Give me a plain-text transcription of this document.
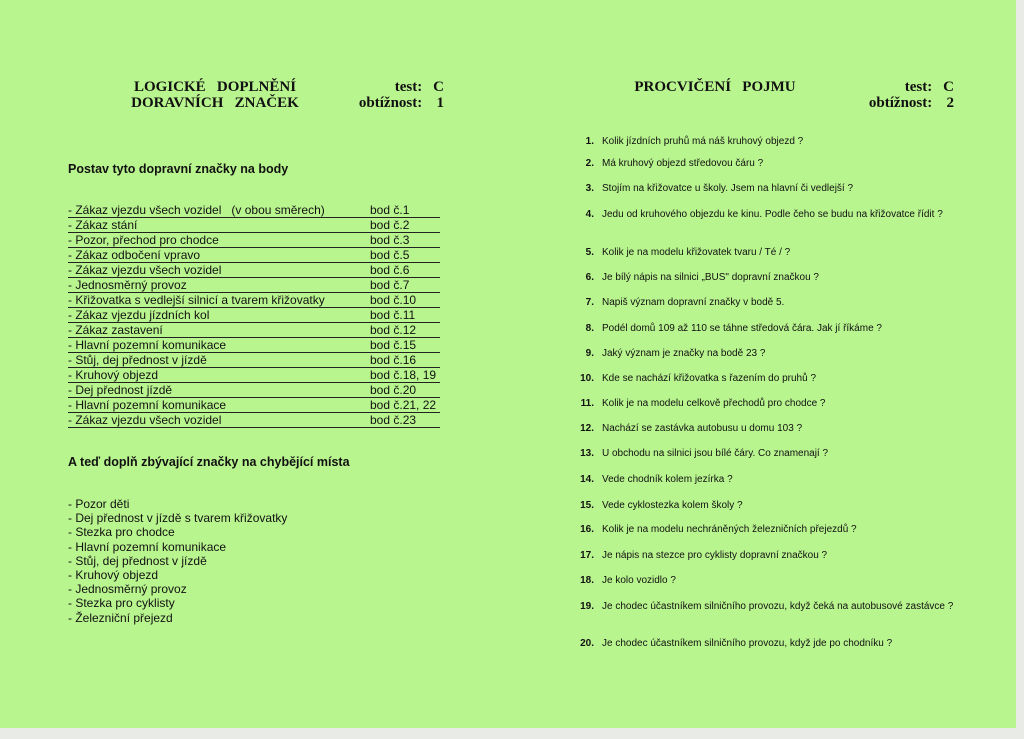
LOGICKÉ   DOPLNĚNÍ
DORAVNÍCH   ZNAČEK
test:
C
obtížnost:
1
Postav tyto dopravní značky na body
- Zákaz vjezdu všech vozidel   (v obou směrech)	bod č.1
- Zákaz stání	bod č.2
- Pozor, přechod pro chodce	bod č.3
- Zákaz odbočení vpravo	bod č.5
- Zákaz vjezdu všech vozidel	bod č.6
- Jednosměrný provoz	bod č.7
- Křižovatka s vedlejší silnicí a tvarem křižovatky	bod č.10
- Zákaz vjezdu jízdních kol	bod č.11
- Zákaz zastavení	bod č.12
- Hlavní pozemní komunikace	bod č.15
- Stůj, dej přednost v jízdě	bod č.16
- Kruhový objezd	bod č.18, 19
- Dej přednost jízdě	bod č.20
- Hlavní pozemní komunikace	bod č.21, 22
- Zákaz vjezdu všech vozidel	bod č.23
A teď doplň zbývající značky na chybějící místa
- Pozor děti
- Dej přednost v jízdě s tvarem křižovatky
- Stezka pro chodce
- Hlavní pozemní komunikace
- Stůj, dej přednost v jízdě
- Kruhový objezd
- Jednosměrný provoz
- Stezka pro cyklisty
- Železniční přejezd
PROCVIČENÍ   POJMU	test:
C
obtížnost:
2
1. Kolik jízdních pruhů má náš kruhový objezd ?
2. Má kruhový objezd středovou čáru ?
3. Stojím na křižovatce u školy. Jsem na hlavní či vedlejší ?
4. Jedu od kruhového objezdu ke kinu. Podle čeho se budu na křižovatce řídit ?
5. Kolik je na modelu křižovatek tvaru / Té / ?
6. Je bílý nápis na silnici „BUS" dopravní značkou ?
7. Napiš význam dopravní značky v bodě 5.
8. Podél domů 109 až 110 se táhne středová čára. Jak jí říkáme ?
9. Jaký význam je značky na bodě 23 ?
10. Kde se nachází křižovatka s řazením do pruhů ?
11. Kolik je na modelu celkově přechodů pro chodce ?
12. Nachází se zastávka autobusu u domu 103 ?
13. U obchodu na silnici jsou bílé čáry. Co znamenají ?
14. Vede chodník kolem jezírka ?
15. Vede cyklostezka kolem školy ?
16. Kolik je na modelu nechráněných železničních přejezdů ?
17. Je nápis na stezce pro cyklisty dopravní značkou ?
18. Je kolo vozidlo ?
19. Je chodec účastníkem silničního provozu, když čeká na autobusové zastávce ?
20. Je chodec účastníkem silničního provozu, když jde po chodníku ?
